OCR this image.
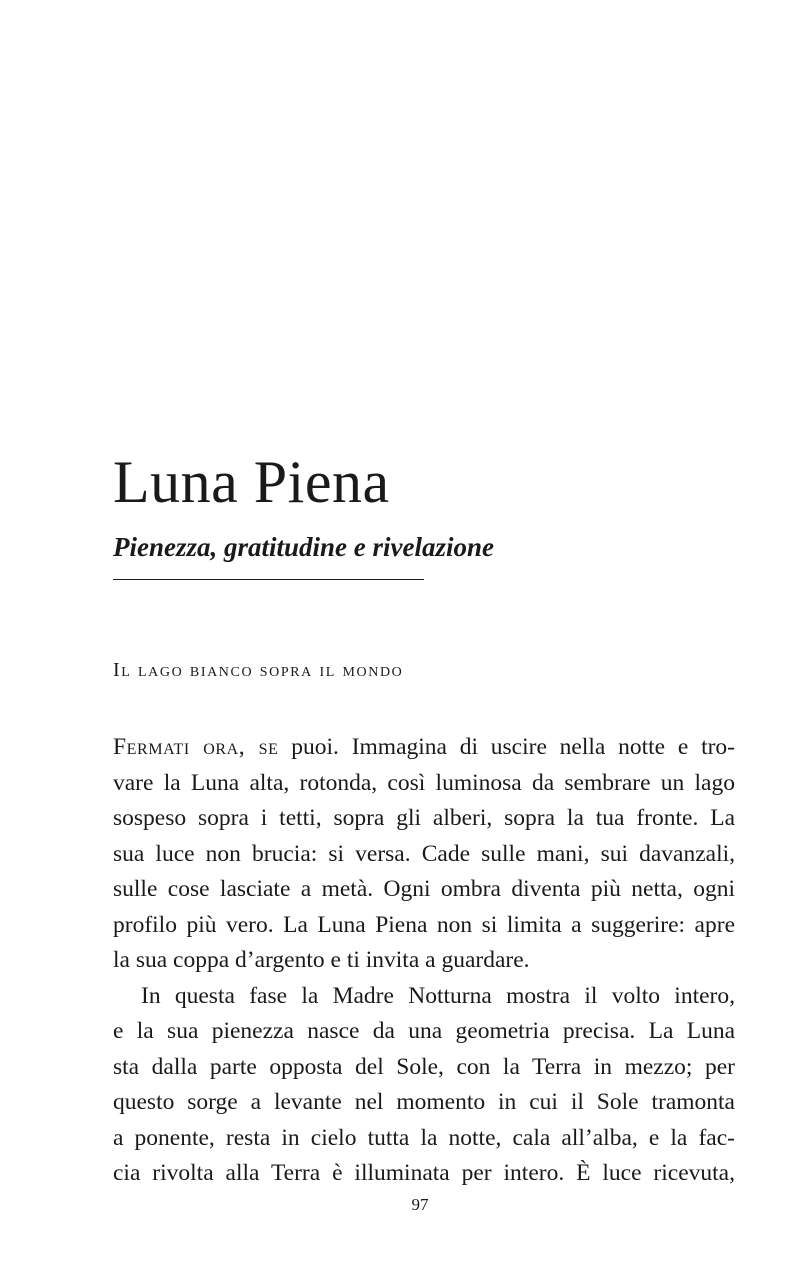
Luna Piena
Pienezza, gratitudine e rivelazione
Il lago bianco sopra il mondo

Fermati ora, se puoi. Immagina di uscire nella notte e tro-
vare la Luna alta, rotonda, così luminosa da sembrare un lago
sospeso sopra i tetti, sopra gli alberi, sopra la tua fronte. La
sua luce non brucia: si versa. Cade sulle mani, sui davanzali,
sulle cose lasciate a metà. Ogni ombra diventa più netta, ogni
profilo più vero. La Luna Piena non si limita a suggerire: apre
la sua coppa d’argento e ti invita a guardare.

In questa fase la Madre Notturna mostra il volto intero,
e la sua pienezza nasce da una geometria precisa. La Luna
sta dalla parte opposta del Sole, con la Terra in mezzo; per
questo sorge a levante nel momento in cui il Sole tramonta
a ponente, resta in cielo tutta la notte, cala all’alba, e la fac-
cia rivolta alla Terra è illuminata per intero. È luce ricevuta,

97
